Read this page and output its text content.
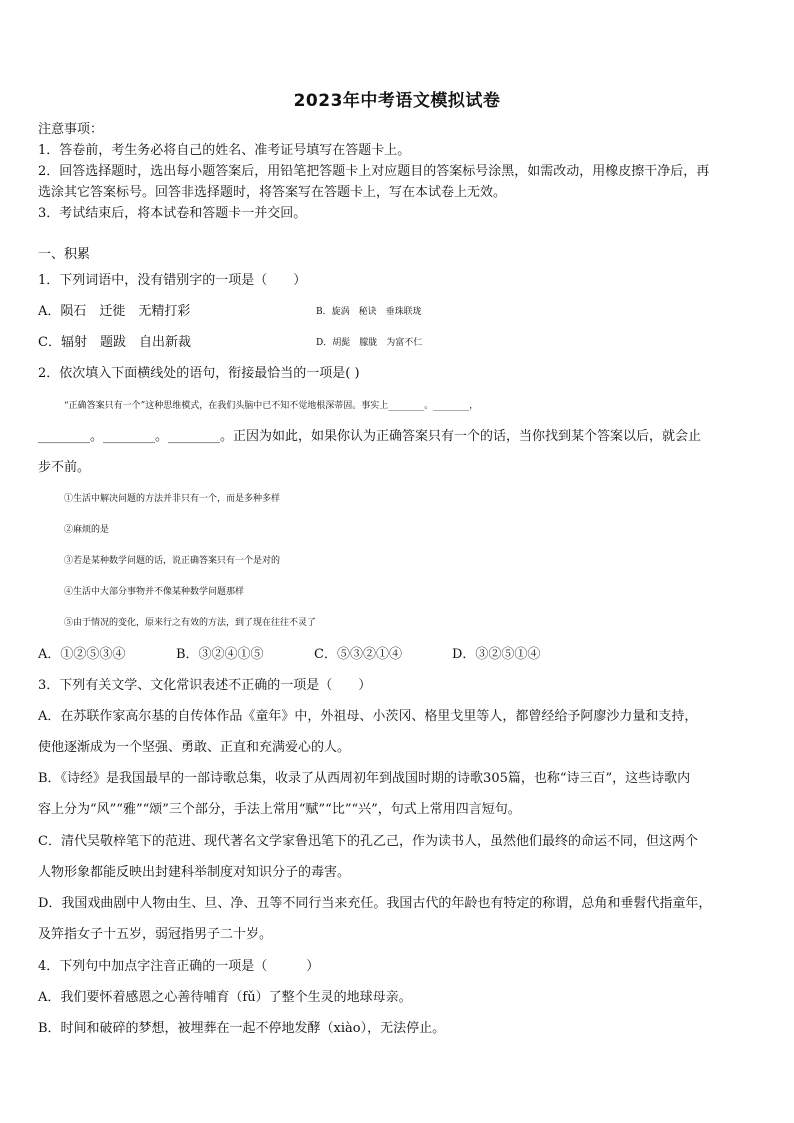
2023年中考语文模拟试卷
注意事项：
1．答卷前，考生务必将自己的姓名、准考证号填写在答题卡上。
2．回答选择题时，选出每小题答案后，用铅笔把答题卡上对应题目的答案标号涂黑，如需改动，用橡皮擦干净后，再
选涂其它答案标号。回答非选择题时，将答案写在答题卡上，写在本试卷上无效。
3．考试结束后，将本试卷和答题卡一并交回。
一、积累
1．下列词语中，没有错别字的一项是（　　）
A．陨石　迁徙　无精打彩	B．旋涡　秘诀　垂珠联珑
C．辐射　题跋　自出新裁	D．胡髭　朦胧　为富不仁
2．依次填入下面横线处的语句，衔接最恰当的一项是( )
“正确答案只有一个”这种思维模式，在我们头脑中已不知不觉地根深蒂固。事实上________。________，
________。________。________。正因为如此，如果你认为正确答案只有一个的话，当你找到某个答案以后，就会止
步不前。
①生活中解决问题的方法并非只有一个，而是多种多样
②麻烦的是
③若是某种数学问题的话，说正确答案只有一个是对的
④生活中大部分事物并不像某种数学问题那样
⑤由于情况的变化，原来行之有效的方法，到了现在往往不灵了
A．①②⑤③④	B．③②④①⑤	C．⑤③②①④	D．③②⑤①④
3．下列有关文学、文化常识表述不正确的一项是（　　）
A．在苏联作家高尔基的自传体作品《童年》中，外祖母、小茨冈、格里戈里等人，都曾经给予阿廖沙力量和支持，
使他逐渐成为一个坚强、勇敢、正直和充满爱心的人。
B．《诗经》是我国最早的一部诗歌总集，收录了从西周初年到战国时期的诗歌305篇，也称“诗三百”，这些诗歌内
容上分为“风”“雅”“颂”三个部分，手法上常用“赋”“比”“兴”，句式上常用四言短句。
C．清代吴敬梓笔下的范进、现代著名文学家鲁迅笔下的孔乙己，作为读书人，虽然他们最终的命运不同，但这两个
人物形象都能反映出封建科举制度对知识分子的毒害。
D．我国戏曲剧中人物由生、旦、净、丑等不同行当来充任。我国古代的年龄也有特定的称谓，总角和垂髫代指童年，
及笄指女子十五岁，弱冠指男子二十岁。
4．下列句中加点字注音正确的一项是（　　　）
A．我们要怀着感恩之心善待哺育（fǔ）了整个生灵的地球母亲。
B．时间和破碎的梦想，被埋葬在一起不停地发酵（xiào），无法停止。
